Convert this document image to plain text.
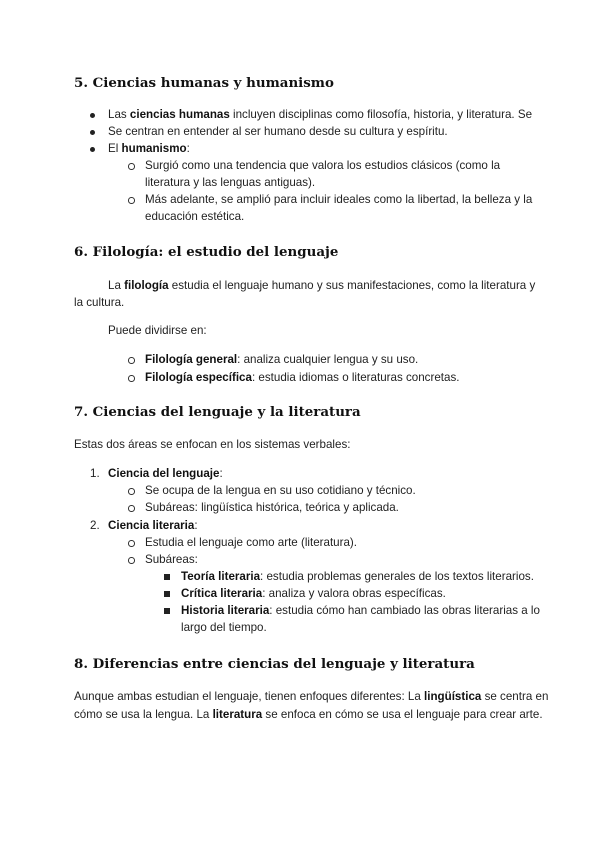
5. Ciencias humanas y humanismo

Las ciencias humanas incluyen disciplinas como filosofía, historia, y literatura. Se

Se centran en entender al ser humano desde su cultura y espíritu.

El humanismo:

Surgió como una tendencia que valora los estudios clásicos (como la

literatura y las lenguas antiguas).

Más adelante, se amplió para incluir ideales como la libertad, la belleza y la

educación estética.

6. Filología: el estudio del lenguaje

La filología estudia el lenguaje humano y sus manifestaciones, como la literatura y

la cultura.

Puede dividirse en:

Filología general: analiza cualquier lengua y su uso.

Filología específica: estudia idiomas o literaturas concretas.

7. Ciencias del lenguaje y la literatura

Estas dos áreas se enfocan en los sistemas verbales:

1. Ciencia del lenguaje:

Se ocupa de la lengua en su uso cotidiano y técnico.

Subáreas: lingüística histórica, teórica y aplicada.

2. Ciencia literaria:

Estudia el lenguaje como arte (literatura).

Subáreas:

Teoría literaria: estudia problemas generales de los textos literarios.

Crítica literaria: analiza y valora obras específicas.

Historia literaria: estudia cómo han cambiado las obras literarias a lo

largo del tiempo.

8. Diferencias entre ciencias del lenguaje y literatura

Aunque ambas estudian el lenguaje, tienen enfoques diferentes: La lingüística se centra en

cómo se usa la lengua. La literatura se enfoca en cómo se usa el lenguaje para crear arte.
